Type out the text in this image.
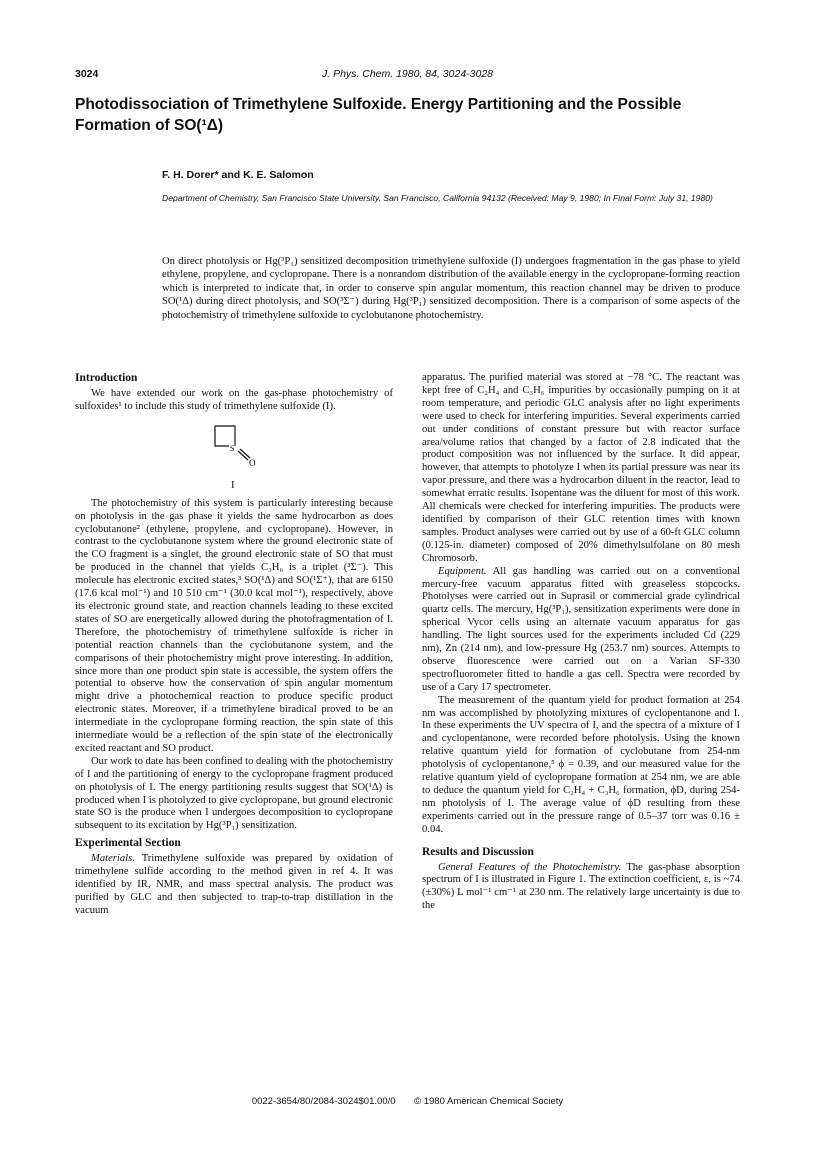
3024	J. Phys. Chem. 1980, 84, 3024-3028
Photodissociation of Trimethylene Sulfoxide. Energy Partitioning and the Possible Formation of SO(¹Δ)
F. H. Dorer* and K. E. Salomon
Department of Chemistry, San Francisco State University, San Francisco, California 94132 (Received: May 9, 1980; In Final Form: July 31, 1980)
On direct photolysis or Hg(³P₁) sensitized decomposition trimethylene sulfoxide (I) undergoes fragmentation in the gas phase to yield ethylene, propylene, and cyclopropane. There is a nonrandom distribution of the available energy in the cyclopropane-forming reaction which is interpreted to indicate that, in order to conserve spin angular momentum, this reaction channel may be driven to produce SO(¹Δ) during direct photolysis, and SO(³Σ⁻) during Hg(³P₁) sensitized decomposition. There is a comparison of some aspects of the photochemistry of trimethylene sulfoxide to cyclobutanone photochemistry.
Introduction

We have extended our work on the gas-phase photochemistry of sulfoxides¹ to include this study of trimethylene sulfoxide (I).

S
O
I

The photochemistry of this system is particularly interesting because on photolysis in the gas phase it yields the same hydrocarbon as does cyclobutanone² (ethylene, propylene, and cyclopropane). However, in contrast to the cyclobutanone system where the ground electronic state of the CO fragment is a singlet, the ground electronic state of SO that must be produced in the channel that yields C₃H₆ is a triplet (³Σ⁻). This molecule has electronic excited states,³ SO(¹Δ) and SO(¹Σ⁺), that are 6150 (17.6 kcal mol⁻¹) and 10 510 cm⁻¹ (30.0 kcal mol⁻¹), respectively, above its electronic ground state, and reaction channels leading to these excited states of SO are energetically allowed during the photofragmentation of I. Therefore, the photochemistry of trimethylene sulfoxide is richer in potential reaction channels than the cyclobutanone system, and the comparisons of their photochemistry might prove interesting. In addition, since more than one product spin state is accessible, the system offers the potential to observe how the conservation of spin angular momentum might drive a photochemical reaction to produce specific product electronic states. Moreover, if a trimethylene biradical proved to be an intermediate in the cyclopropane forming reaction, the spin state of this intermediate would be a reflection of the spin state of the electronically excited reactant and SO product.

Our work to date has been confined to dealing with the photochemistry of I and the partitioning of energy to the cyclopropane fragment produced on photolysis of I. The energy partitioning results suggest that SO(¹Δ) is produced when I is photolyzed to give cyclopropane, but ground electronic state SO is the produce when I undergoes decomposition to cyclopropane subsequent to its excitation by Hg(³P₁) sensitization.

Experimental Section

Materials. Trimethylene sulfoxide was prepared by oxidation of trimethylene sulfide according to the method given in ref 4. It was identified by IR, NMR, and mass spectral analysis. The product was purified by GLC and then subjected to trap-to-trap distillation in the vacuum

apparatus. The purified material was stored at −78 °C. The reactant was kept free of C₂H₄ and C₃H₆ impurities by occasionally pumping on it at room temperature, and periodic GLC analysis after no light experiments were used to check for interfering impurities. Several experiments carried out under conditions of constant pressure but with reactor surface area/volume ratios that changed by a factor of 2.8 indicated that the product composition was not influenced by the surface. It did appear, however, that attempts to photolyze I when its partial pressure was near its vapor pressure, and there was a hydrocarbon diluent in the reactor, lead to somewhat erratic results. Isopentane was the diluent for most of this work. All chemicals were checked for interfering impurities. The products were identified by comparison of their GLC retention times with known samples. Product analyses were carried out by use of a 60-ft GLC column (0.125-in. diameter) composed of 20% dimethylsulfolane on 80 mesh Chromosorb.

Equipment. All gas handling was carried out on a conventional mercury-free vacuum apparatus fitted with greaseless stopcocks. Photolyses were carried out in Suprasil or commercial grade cylindrical quartz cells. The mercury, Hg(³P₁), sensitization experiments were done in spherical Vycor cells using an alternate vacuum apparatus for gas handling. The light sources used for the experiments included Cd (229 nm), Zn (214 nm), and low-pressure Hg (253.7 nm) sources. Attempts to observe fluorescence were carried out on a Varian SF-330 spectrofluorometer fitted to handle a gas cell. Spectra were recorded by use of a Cary 17 spectrometer.

The measurement of the quantum yield for product formation at 254 nm was accomplished by photolyzing mixtures of cyclopentanone and I. In these experiments the UV spectra of I, and the spectra of a mixture of I and cyclopentanone, were recorded before photolysis. Using the known relative quantum yield for formation of cyclobutane from 254-nm photolysis of cyclopentanone,⁵ ϕ = 0.39, and our measured value for the relative quantum yield of cyclopropane formation at 254 nm, we are able to deduce the quantum yield for C₂H₄ + C₃H₆ formation, ϕD, during 254-nm photolysis of I. The average value of ϕD resulting from these experiments carried out in the pressure range of 0.5–37 torr was 0.16 ± 0.04.

Results and Discussion

General Features of the Photochemistry. The gas-phase absorption spectrum of I is illustrated in Figure 1. The extinction coefficient, ε, is ~74 (±30%) L mol⁻¹ cm⁻¹ at 230 nm. The relatively large uncertainty is due to the

0022-3654/80/2084-3024$01.00/0 © 1980 American Chemical Society
